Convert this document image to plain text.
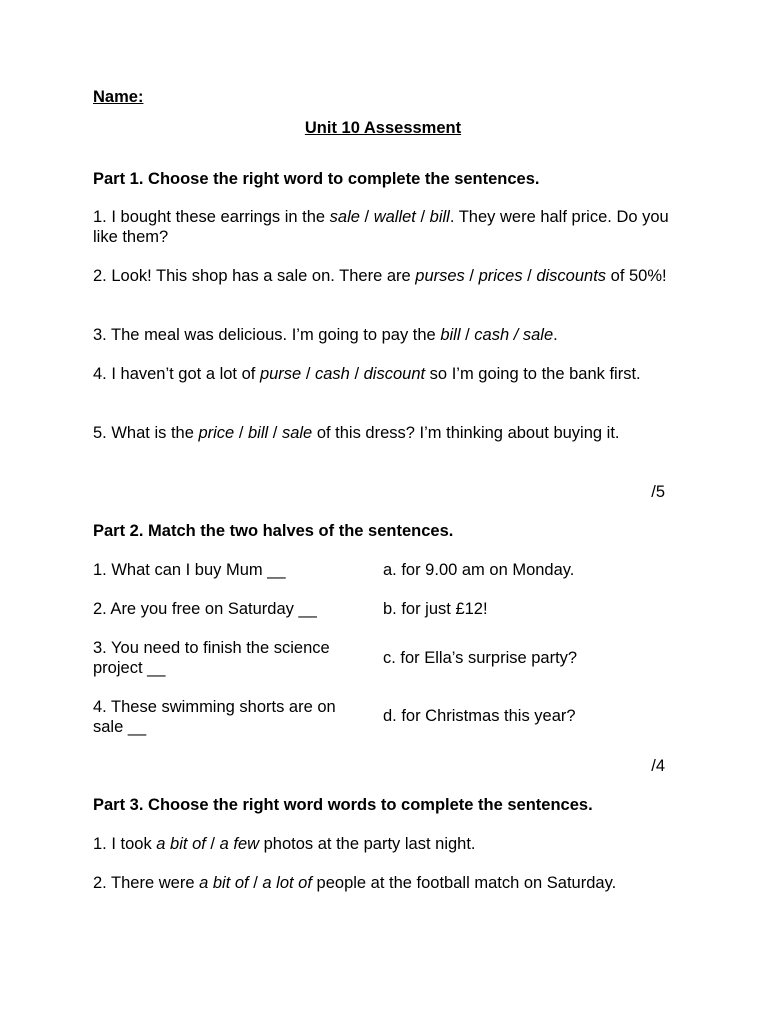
Name:
Unit 10 Assessment
Part 1. Choose the right word to complete the sentences.
1. I bought these earrings in the sale / wallet / bill. They were half price. Do you like them?
2. Look! This shop has a sale on. There are purses / prices / discounts of 50%!
3. The meal was delicious. I’m going to pay the bill / cash / sale.
4. I haven’t got a lot of purse / cash / discount so I’m going to the bank first.
5. What is the price / bill / sale of this dress? I’m thinking about buying it.
/5
Part 2. Match the two halves of the sentences.
1. What can I buy Mum __	a. for 9.00 am on Monday.
2. Are you free on Saturday __	b. for just £12!
3. You need to finish the science project __
c. for Ella’s surprise party?
4. These swimming shorts are on sale __
d. for Christmas this year?
/4
Part 3. Choose the right word words to complete the sentences.
1. I took a bit of / a few photos at the party last night.
2. There were a bit of / a lot of people at the football match on Saturday.
